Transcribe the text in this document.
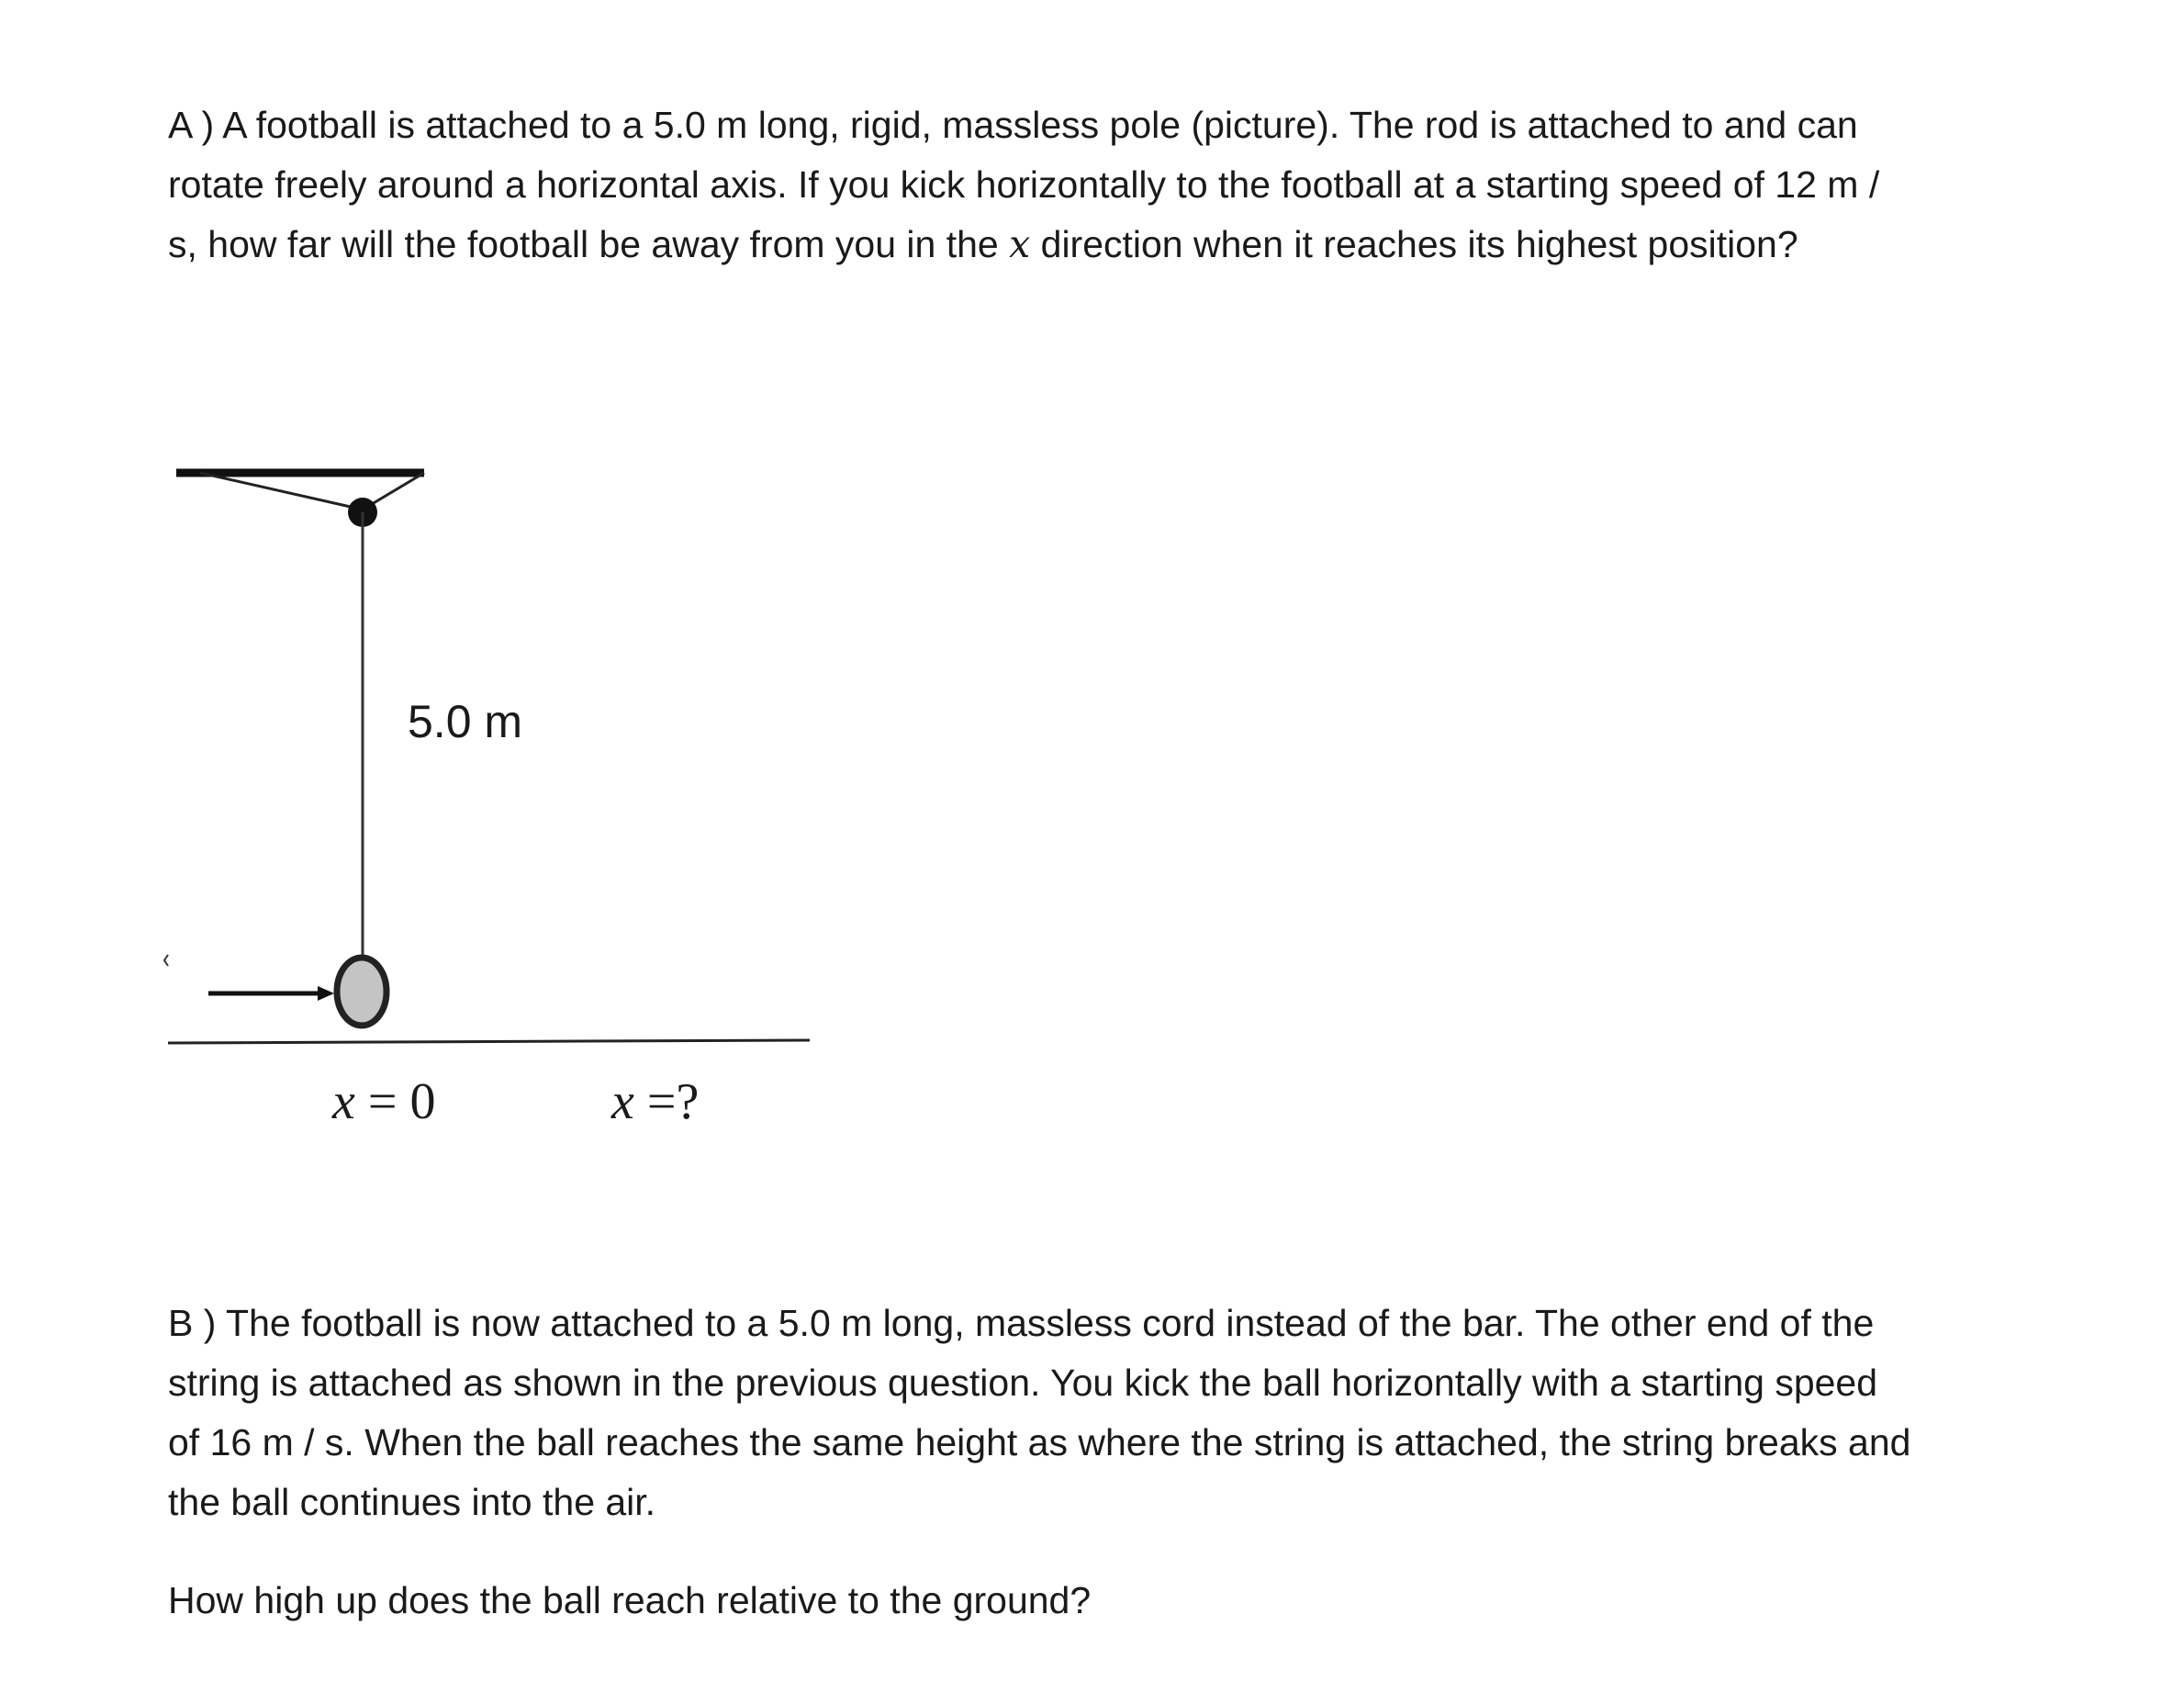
A ) A football is attached to a 5.0 m long, rigid, massless pole (picture). The rod is attached to and can
rotate freely around a horizontal axis. If you kick horizontally to the football at a starting speed of 12 m /
s, how far will the football be away from you in the x direction when it reaches its highest position?

5.0 m
x = 0	x =?

B ) The football is now attached to a 5.0 m long, massless cord instead of the bar. The other end of the
string is attached as shown in the previous question. You kick the ball horizontally with a starting speed
of 16 m / s. When the ball reaches the same height as where the string is attached, the string breaks and
the ball continues into the air.

How high up does the ball reach relative to the ground?
